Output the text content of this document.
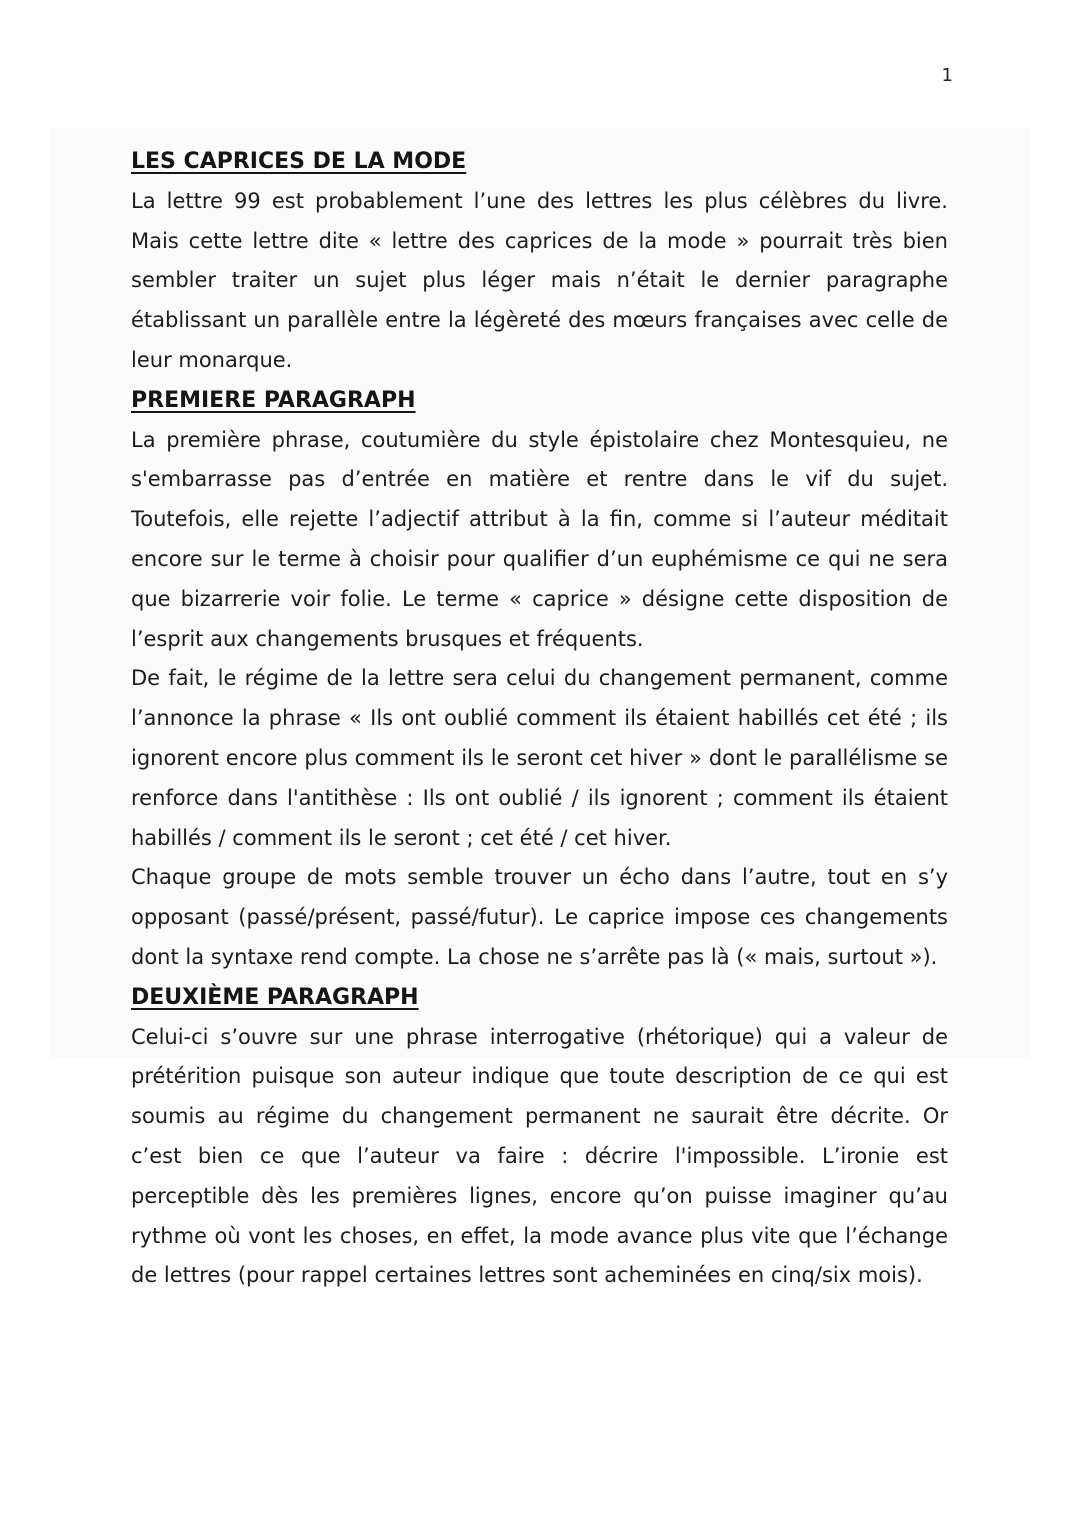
1
LES CAPRICES DE LA MODE

La lettre 99 est probablement l’une des lettres les plus célèbres du livre. Mais cette lettre dite « lettre des caprices de la mode » pourrait très bien sembler traiter un sujet plus léger mais n’était le dernier paragraphe établissant un parallèle entre la légèreté des mœurs françaises avec celle de leur monarque.

PREMIERE PARAGRAPH

La première phrase, coutumière du style épistolaire chez Montesquieu, ne s'embarrasse pas d’entrée en matière et rentre dans le vif du sujet. Toutefois, elle rejette l’adjectif attribut à la fin, comme si l’auteur méditait encore sur le terme à choisir pour qualifier d’un euphémisme ce qui ne sera que bizarrerie voir folie. Le terme « caprice » désigne cette disposition de l’esprit aux changements brusques et fréquents.

De fait, le régime de la lettre sera celui du changement permanent, comme l’annonce la phrase « Ils ont oublié comment ils étaient habillés cet été ; ils ignorent encore plus comment ils le seront cet hiver » dont le parallélisme se renforce dans l'antithèse : Ils ont oublié / ils ignorent ; comment ils étaient habillés / comment ils le seront ; cet été / cet hiver.

Chaque groupe de mots semble trouver un écho dans l’autre, tout en s’y opposant (passé/présent, passé/futur). Le caprice impose ces changements dont la syntaxe rend compte. La chose ne s’arrête pas là (« mais, surtout »).

DEUXIÈME PARAGRAPH

Celui-ci s’ouvre sur une phrase interrogative (rhétorique) qui a valeur de prétérition puisque son auteur indique que toute description de ce qui est soumis au régime du changement permanent ne saurait être décrite. Or c’est bien ce que l’auteur va faire : décrire l'impossible. L’ironie est perceptible dès les premières lignes, encore qu’on puisse imaginer qu’au rythme où vont les choses, en effet, la mode avance plus vite que l’échange de lettres (pour rappel certaines lettres sont acheminées en cinq/six mois).
